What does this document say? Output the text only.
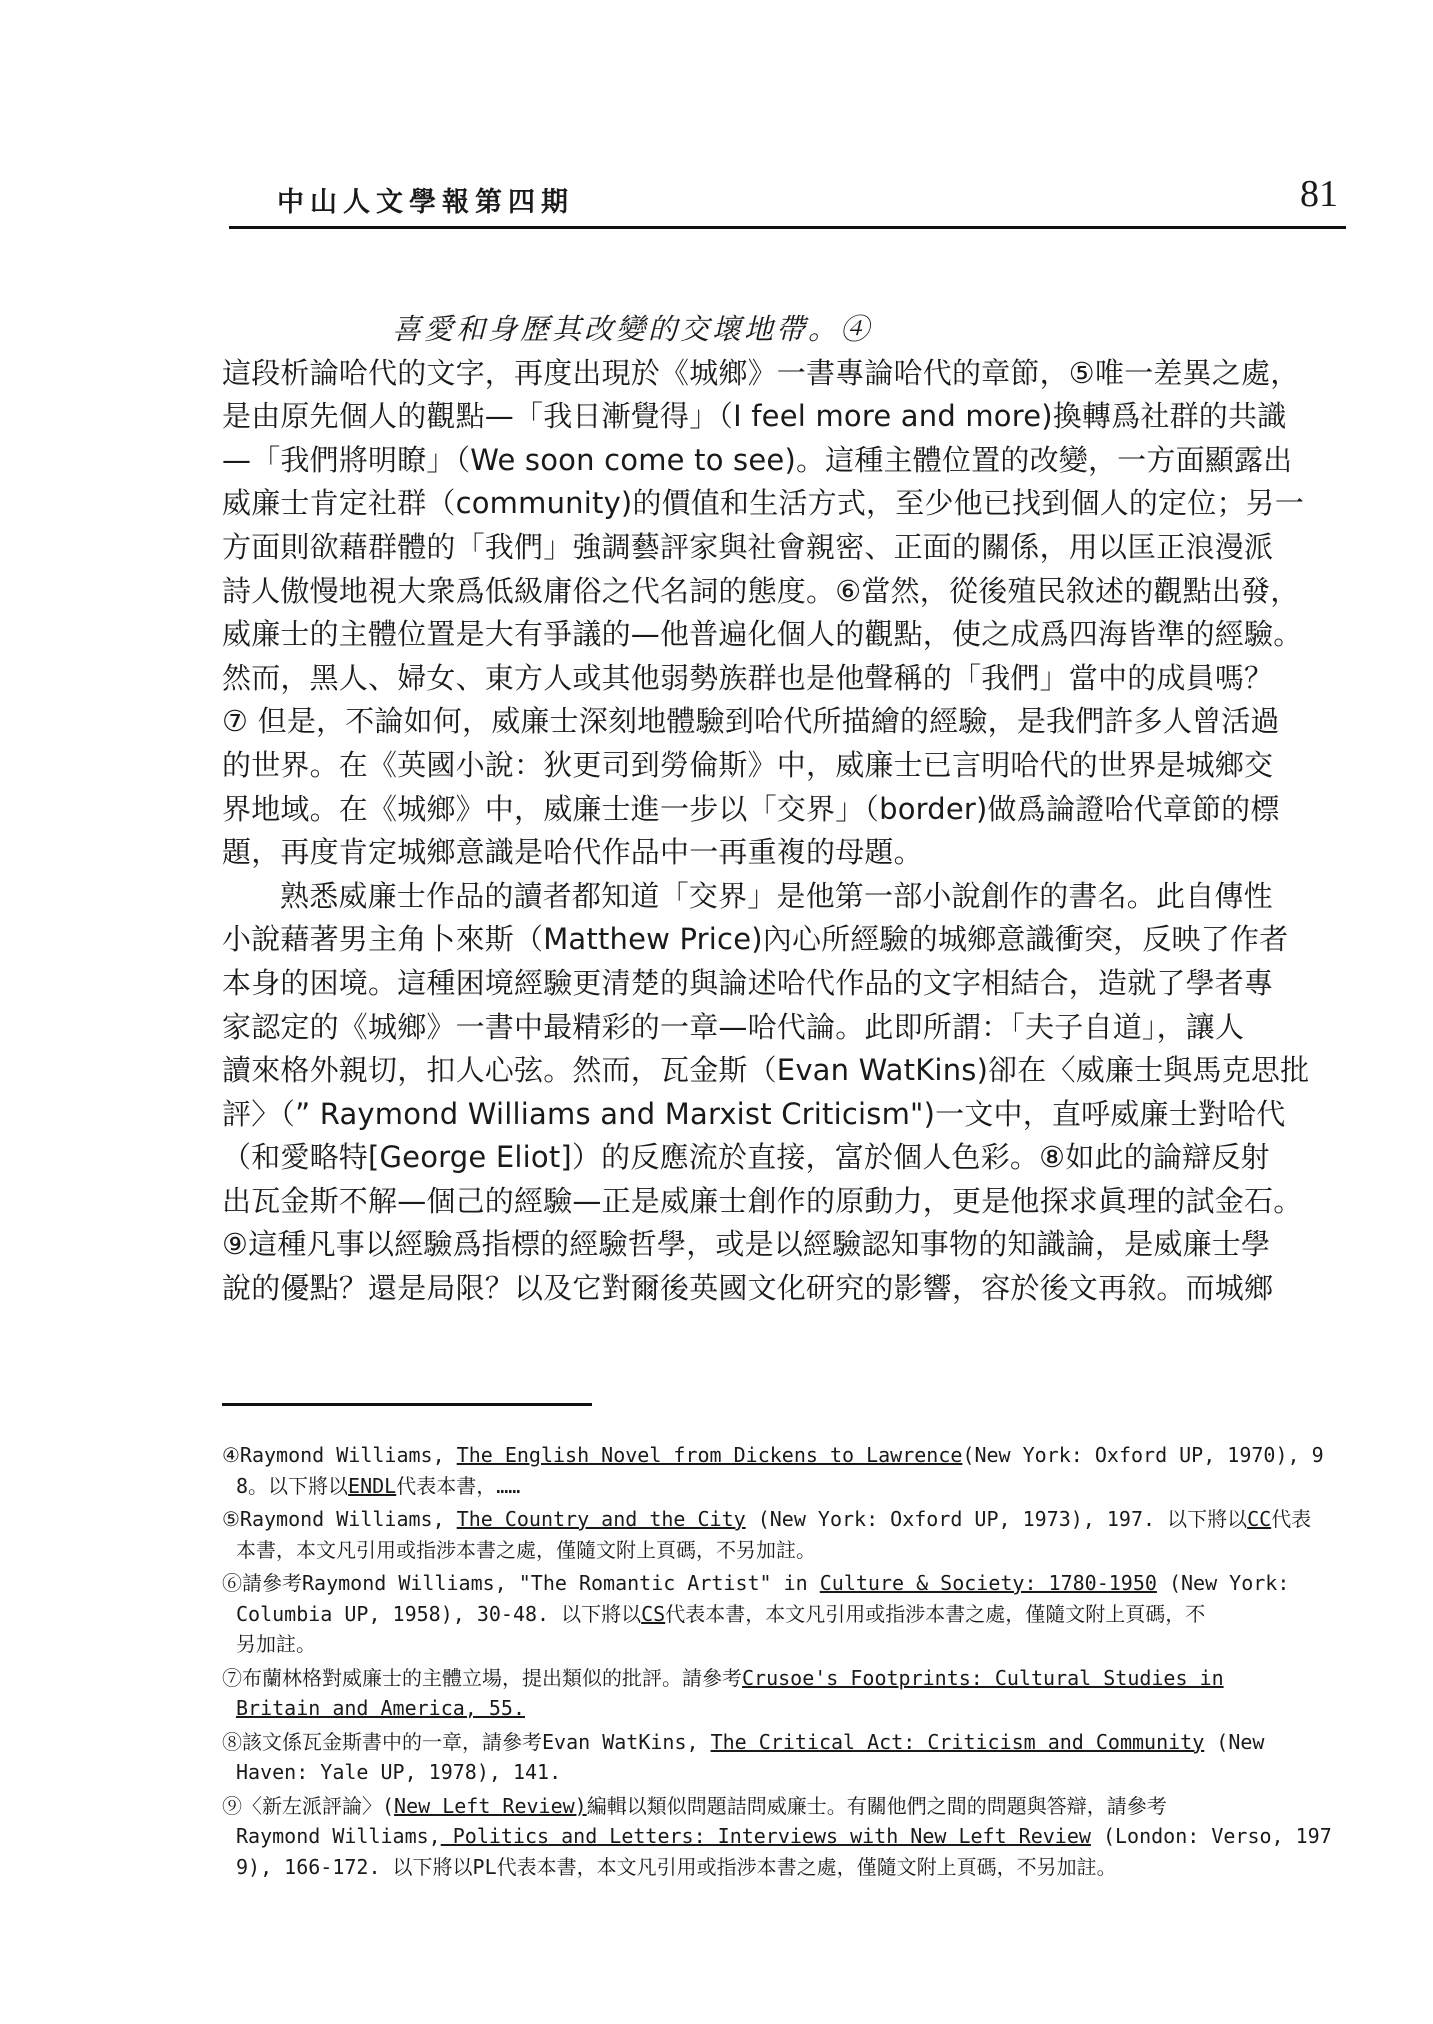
中山人文學報第四期	81
喜愛和身歷其改變的交壞地帶。④
這段析論哈代的文字，再度出現於《城鄉》一書專論哈代的章節，⑤唯一差異之處，
是由原先個人的觀點—「我日漸覺得」（I feel more and more)換轉爲社群的共識
—「我們將明瞭」（We soon come to see)。這種主體位置的改變，一方面顯露出
威廉士肯定社群（community)的價值和生活方式，至少他已找到個人的定位；另一
方面則欲藉群體的「我們」強調藝評家與社會親密、正面的關係，用以匡正浪漫派
詩人傲慢地視大衆爲低級庸俗之代名詞的態度。⑥當然，從後殖民敘述的觀點出發，
威廉士的主體位置是大有爭議的—他普遍化個人的觀點，使之成爲四海皆準的經驗。
然而，黑人、婦女、東方人或其他弱勢族群也是他聲稱的「我們」當中的成員嗎？
⑦ 但是，不論如何，威廉士深刻地體驗到哈代所描繪的經驗，是我們許多人曾活過
的世界。在《英國小說：狄更司到勞倫斯》中，威廉士已言明哈代的世界是城鄉交
界地域。在《城鄉》中，威廉士進一步以「交界」（border)做爲論證哈代章節的標
題，再度肯定城鄉意識是哈代作品中一再重複的母題。
熟悉威廉士作品的讀者都知道「交界」是他第一部小說創作的書名。此自傳性
小說藉著男主角卜來斯（Matthew Price)內心所經驗的城鄉意識衝突，反映了作者
本身的困境。這種困境經驗更清楚的與論述哈代作品的文字相結合，造就了學者專
家認定的《城鄉》一書中最精彩的一章—哈代論。此即所謂：「夫子自道」，讓人
讀來格外親切，扣人心弦。然而，瓦金斯（Evan WatKins)卻在〈威廉士與馬克思批
評〉（” Raymond Williams and Marxist Criticism")一文中，直呼威廉士對哈代
（和愛略特[George Eliot]）的反應流於直接，富於個人色彩。⑧如此的論辯反射
出瓦金斯不解—個己的經驗—正是威廉士創作的原動力，更是他探求眞理的試金石。
⑨這種凡事以經驗爲指標的經驗哲學，或是以經驗認知事物的知識論，是威廉士學
說的優點？還是局限？以及它對爾後英國文化研究的影響，容於後文再敘。而城鄉
④Raymond Williams, The English Novel from Dickens to Lawrence(New York: Oxford UP, 1970), 9
8。以下將以ENDL代表本書，……
⑤Raymond Williams, The Country and the City (New York: Oxford UP, 1973), 197. 以下將以CC代表
本書，本文凡引用或指涉本書之處，僅隨文附上頁碼，不另加註。
⑥請參考Raymond Williams, "The Romantic Artist" in Culture & Society: 1780-1950 (New York:
Columbia UP, 1958), 30-48. 以下將以CS代表本書，本文凡引用或指涉本書之處，僅隨文附上頁碼，不
另加註。
⑦布蘭林格對威廉士的主體立場，提出類似的批評。請參考Crusoe's Footprints: Cultural Studies in
Britain and America, 55.
⑧該文係瓦金斯書中的一章，請參考Evan WatKins, The Critical Act: Criticism and Community (New
Haven: Yale UP, 1978), 141.
⑨〈新左派評論〉(New Left Review)編輯以類似問題詰問威廉士。有關他們之間的問題與答辯，請參考
Raymond Williams, Politics and Letters: Interviews with New Left Review (London: Verso, 197
9), 166-172. 以下將以PL代表本書，本文凡引用或指涉本書之處，僅隨文附上頁碼，不另加註。
